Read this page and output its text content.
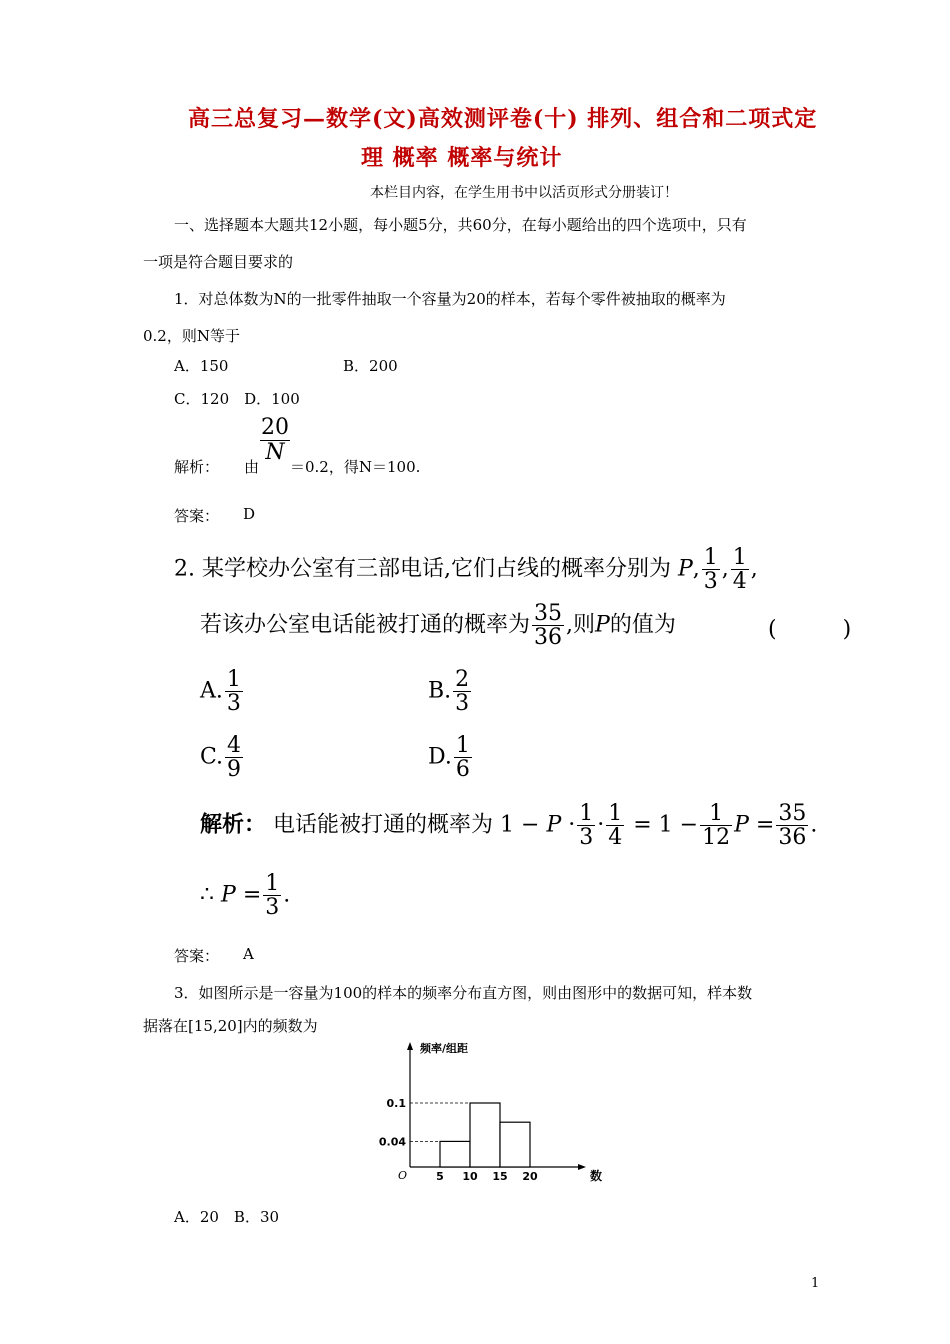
高三总复习—数学(文)高效测评卷(十) 排列、组合和二项式定
理 概率 概率与统计
本栏目内容，在学生用书中以活页形式分册装订！
一、选择题本大题共12小题，每小题5分，共60分，在每小题给出的四个选项中，只有
一项是符合题目要求的
1．对总体数为N的一批零件抽取一个容量为20的样本，若每个零件被抽取的概率为
0.2，则N等于
A．150	B．200
C．120　D．100
解析： 由
$\frac{20}{N}$
＝0.2，得N＝100.
答案： D
2. 某学校办公室有三部电话,它们占线的概率分别为 P, $\frac{1}{3}$ , $\frac{1}{4}$ ,
若该办公室电话能被打通的概率为 $\frac{35}{36}$ ,则P的值为	(　　　)
A. $\frac{1}{3}$	B. $\frac{2}{3}$
C. $\frac{4}{9}$	D. $\frac{1}{6}$
解析： 电话能被打通的概率为 $1 - P \cdot \frac{1}{3} \cdot \frac{1}{4} = 1 - \frac{1}{12}$ $P = \frac{35}{36}$ .
∴ $P = \frac{1}{3}$ .
答案： A
3．如图所示是一容量为100的样本的频率分布直方图，则由图形中的数据可知，样本数
据落在[15,20]内的频数为
频率/组距
数
O
0.04
0.1
5 10 15 20
A．20　B．30
1
